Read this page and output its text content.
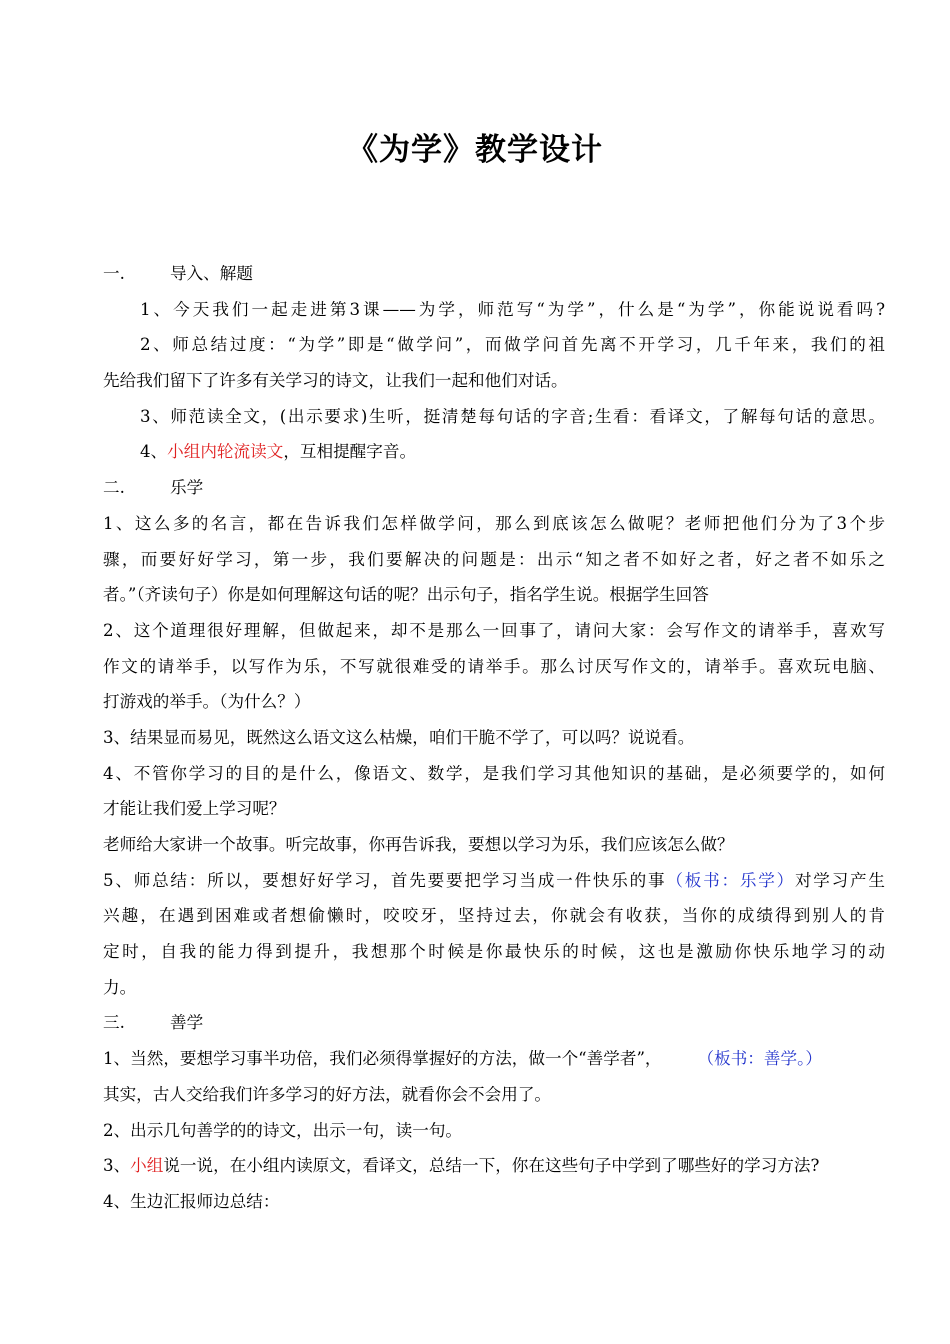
《为学》教学设计
一.	导入、解题
1、今天我们一起走进第3课——为学，师范写“为学”，什么是“为学”，你能说说看吗?
2、师总结过度：“为学”即是“做学问”，而做学问首先离不开学习，几千年来，我们的祖
先给我们留下了许多有关学习的诗文，让我们一起和他们对话。
3、师范读全文，(出示要求)生听，挺清楚每句话的字音;生看：看译文，了解每句话的意思。
4、小组内轮流读文，互相提醒字音。
二.	乐学
1、这么多的名言，都在告诉我们怎样做学问，那么到底该怎么做呢？老师把他们分为了3个步
骤，而要好好学习，第一步，我们要解决的问题是：出示“知之者不如好之者，好之者不如乐之
者。”（齐读句子）你是如何理解这句话的呢？出示句子，指名学生说。根据学生回答
2、这个道理很好理解，但做起来，却不是那么一回事了，请问大家：会写作文的请举手，喜欢写
作文的请举手，以写作为乐，不写就很难受的请举手。那么讨厌写作文的，请举手。喜欢玩电脑、
打游戏的举手。（为什么？）
3、结果显而易见，既然这么语文这么枯燥，咱们干脆不学了，可以吗？说说看。
4、不管你学习的目的是什么，像语文、数学，是我们学习其他知识的基础，是必须要学的，如何
才能让我们爱上学习呢？
老师给大家讲一个故事。听完故事，你再告诉我，要想以学习为乐，我们应该怎么做？
5、师总结：所以，要想好好学习，首先要要把学习当成一件快乐的事（板书：乐学）对学习产生
兴趣，在遇到困难或者想偷懒时，咬咬牙，坚持过去，你就会有收获，当你的成绩得到别人的肯
定时，自我的能力得到提升，我想那个时候是你最快乐的时候，这也是激励你快乐地学习的动
力。
三.	善学
1、当然，要想学习事半功倍，我们必须得掌握好的方法，做一个“善学者”， （板书：善学。）
其实，古人交给我们许多学习的好方法，就看你会不会用了。
2、出示几句善学的的诗文，出示一句，读一句。
3、小组说一说，在小组内读原文，看译文，总结一下，你在这些句子中学到了哪些好的学习方法?
4、生边汇报师边总结：
